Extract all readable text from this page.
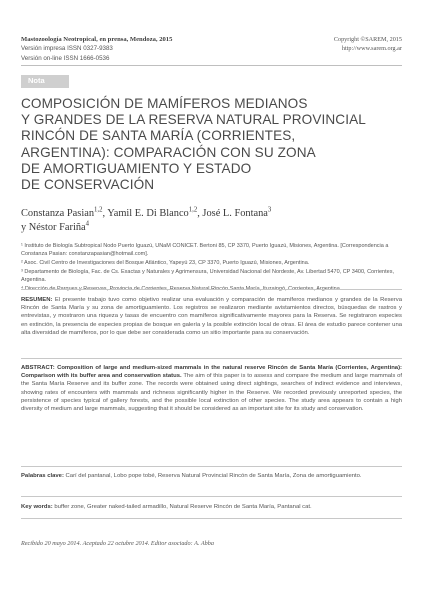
Mastozoología Neotropical, en prensa, Mendoza, 2015
Versión impresa ISSN 0327-9383
Versión on-line ISSN 1666-0536
Copyright ©SAREM, 2015
http://www.sarem.org.ar
Nota
COMPOSICIÓN DE MAMÍFEROS MEDIANOS
Y GRANDES DE LA RESERVA NATURAL PROVINCIAL
RINCÓN DE SANTA MARÍA (CORRIENTES,
ARGENTINA): COMPARACIÓN CON SU ZONA
DE AMORTIGUAMIENTO Y ESTADO
DE CONSERVACIÓN
Constanza Pasian$^{1,2}$, Yamil E. Di Blanco$^{1,2}$, José L. Fontana$^3$
y Néstor Fariña$^4$

¹ Instituto de Biología Subtropical Nodo Puerto Iguazú, UNaM CONICET. Bertoni 85, CP 3370, Puerto Iguazú, Misiones, Argentina. [Correspondencia a Constanza Pasian: constanzapasian@hotmail.com].

² Asoc. Civil Centro de Investigaciones del Bosque Atlántico, Yapeyú 23, CP 3370, Puerto Iguazú, Misiones, Argentina.

³ Departamento de Biología, Fac. de Cs. Exactas y Naturales y Agrimensura, Universidad Nacional del Nordeste, Av. Libertad 5470, CP 3400, Corrientes, Argentina.

RESUMEN: El presente trabajo tuvo como objetivo realizar una evaluación y comparación de mamíferos medianos y grandes de la Reserva Rincón de Santa María y su zona de amortiguamiento. Los registros se realizaron mediante avistamientos directos, búsquedas de rastros y entrevistas, y mostraron una riqueza y tasas de encuentro con mamíferos significativamente mayores para la Reserva. Se registraron especies en extinción, la presencia de especies propias de bosque en galería y la posible extinción local de otras. El área de estudio parece contener una alta diversidad de mamíferos, por lo que debe ser considerada como un sitio importante para su conservación.
ABSTRACT: Composition of large and medium-sized mammals in the natural reserve Rincón de Santa María (Corrientes, Argentina): Comparison with its buffer area and conservation status. The aim of this paper is to assess and compare the medium and large mammals of the Santa María Reserve and its buffer zone. The records were obtained using direct sightings, searches of indirect evidence and interviews, showing rates of encounters with mammals and richness significantly higher in the Reserve. We recorded previously unreported species, the persistence of species typical of gallery forests, and the possible local extinction of other species. The study area appears to contain a high diversity of medium and large mammals, suggesting that it should be considered as an important site for its study and conservation.
Palabras clave: Carí del pantanal, Lobo pope tobé, Reserva Natural Provincial Rincón de Santa María, Zona de amortiguamiento.
Key words: buffer zone, Greater naked-tailed armadillo, Natural Reserve Rincón de Santa María, Pantanal cat.
Recibido 20 mayo 2014. Aceptado 22 octubre 2014. Editor asociado: A. Abba
